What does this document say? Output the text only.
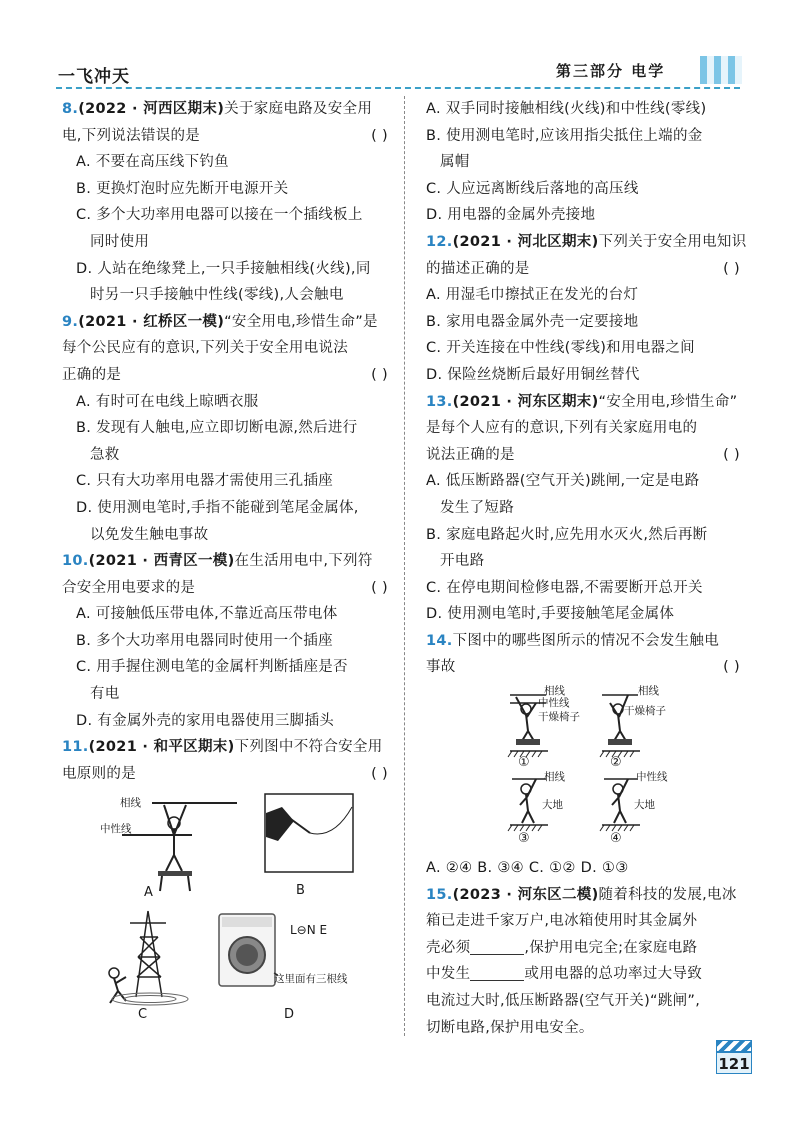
一飞冲天	第三部分 电学
8.(2022 · 河西区期末)关于家庭电路及安全用
电,下列说法错误的是	( )
A. 不要在高压线下钓鱼
B. 更换灯泡时应先断开电源开关
C. 多个大功率用电器可以接在一个插线板上
同时使用
D. 人站在绝缘凳上,一只手接触相线(火线),同
时另一只手接触中性线(零线),人会触电
9.(2021 · 红桥区一模)“安全用电,珍惜生命”是
每个公民应有的意识,下列关于安全用电说法
正确的是	( )
A. 有时可在电线上晾晒衣服
B. 发现有人触电,应立即切断电源,然后进行
急救
C. 只有大功率用电器才需使用三孔插座
D. 使用测电笔时,手指不能碰到笔尾金属体,
以免发生触电事故
10.(2021 · 西青区一模)在生活用电中,下列符
合安全用电要求的是	( )
A. 可接触低压带电体,不靠近高压带电体
B. 多个大功率用电器同时使用一个插座
C. 用手握住测电笔的金属杆判断插座是否
有电
D. 有金属外壳的家用电器使用三脚插头
11.(2021 · 和平区期末)下列图中不符合安全用
电原则的是	( )
相线
中性线
A	B
C
L⊖N E
这里面有三根线
D
A. 双手同时接触相线(火线)和中性线(零线)
B. 使用测电笔时,应该用指尖抵住上端的金
属帽
C. 人应远离断线后落地的高压线
D. 用电器的金属外壳接地
12.(2021 · 河北区期末)下列关于安全用电知识
的描述正确的是	( )
A. 用湿毛巾擦拭正在发光的台灯
B. 家用电器金属外壳一定要接地
C. 开关连接在中性线(零线)和用电器之间
D. 保险丝烧断后最好用铜丝替代
13.(2021 · 河东区期末)“安全用电,珍惜生命”
是每个人应有的意识,下列有关家庭用电的
说法正确的是	( )
A. 低压断路器(空气开关)跳闸,一定是电路
发生了短路
B. 家庭电路起火时,应先用水灭火,然后再断
开电路
C. 在停电期间检修电器,不需要断开总开关
D. 使用测电笔时,手要接触笔尾金属体
14.下图中的哪些图所示的情况不会发生触电
事故	( )
相线
中性线
干燥椅子
①
相线
干燥椅子
②
相线
大地
③
中性线
大地
④
A. ②④ B. ③④ C. ①② D. ①③
15.(2023 · 河东区二模)随着科技的发展,电冰
箱已走进千家万户,电冰箱使用时其金属外
壳必须	,保护用电完全;在家庭电路
中发生	或用电器的总功率过大导致
电流过大时,低压断路器(空气开关)“跳闸”,
切断电路,保护用电安全。
121
